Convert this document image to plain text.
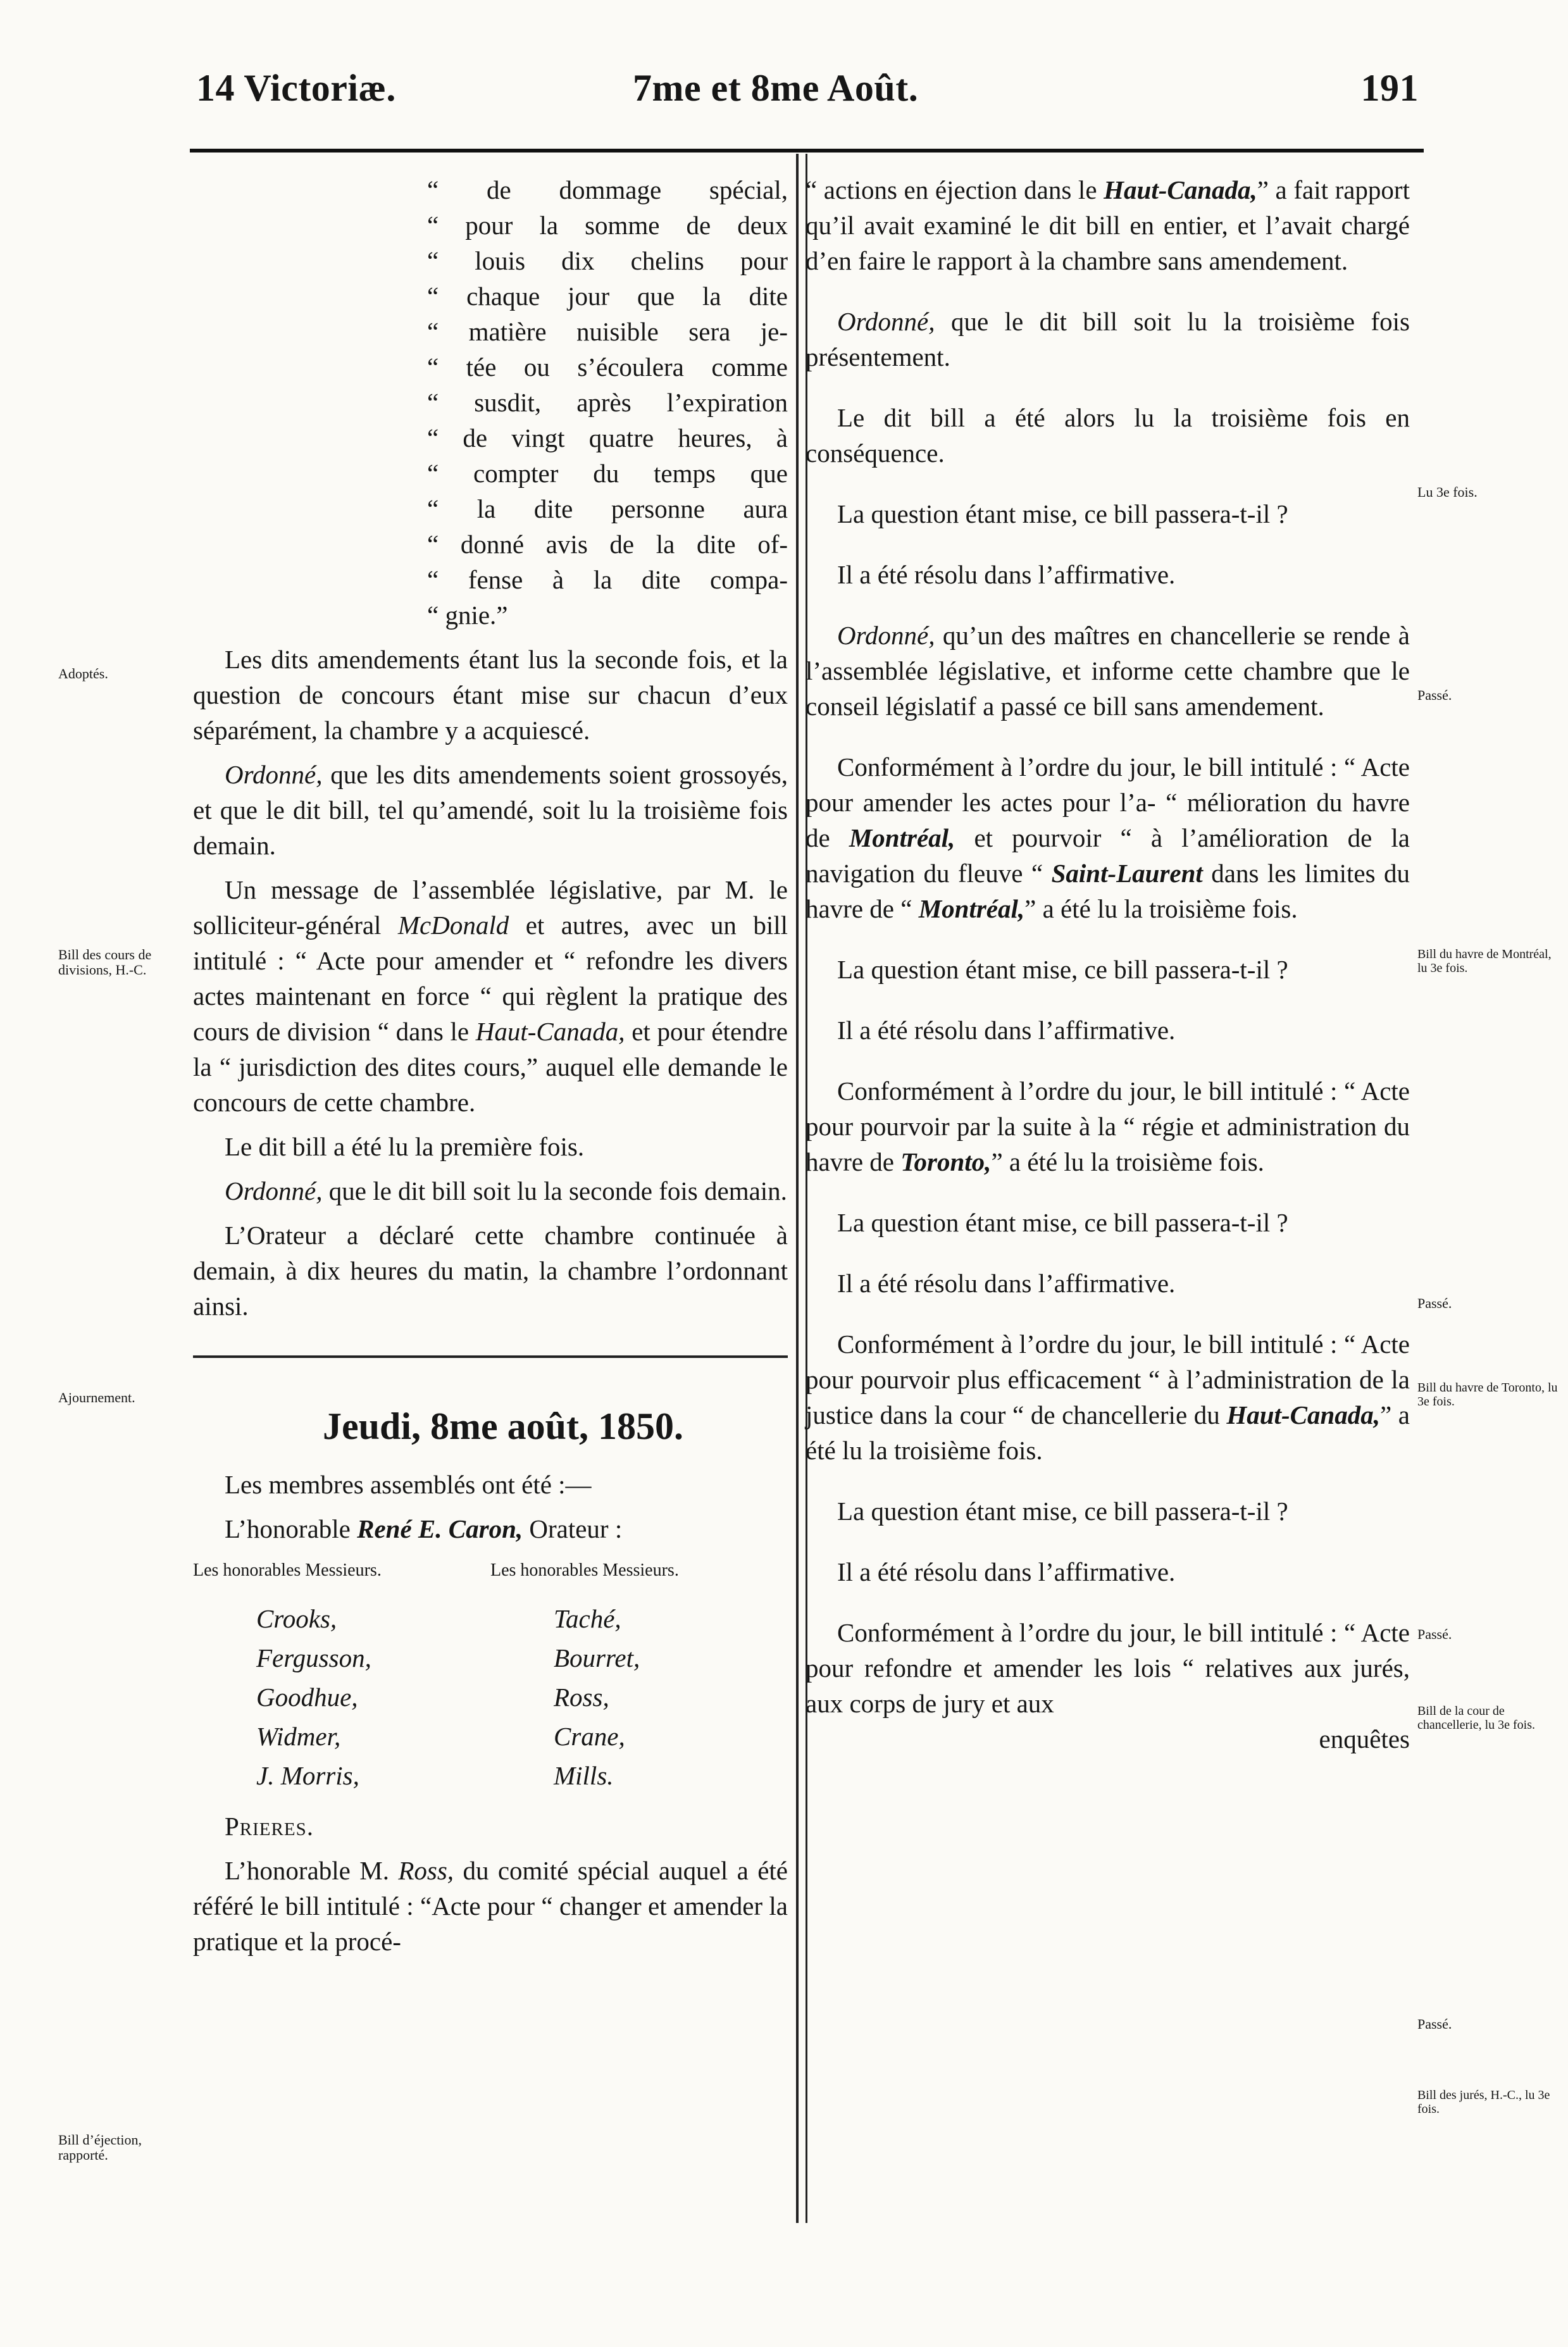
14 Victoriæ.	7me et 8me Août.	191

“ de dommage spécial,

“ pour la somme de deux

“ louis dix chelins pour

“ chaque jour que la dite

“ matière nuisible sera je-

“ tée ou s’écoulera comme

“ susdit, après l’expiration

“ de vingt quatre heures, à

“ compter du temps que

“ la dite personne aura

“ donné avis de la dite of-

“ fense à la dite compa-

“ gnie.”

Les dits amendements étant lus la seconde fois, et la question de concours étant mise sur chacun d’eux séparément, la chambre y a acquiescé.

Ordonné, que les dits amendements soient grossoyés, et que le dit bill, tel qu’amendé, soit lu la troisième fois demain.

Un message de l’assemblée législative, par M. le solliciteur-général McDonald et autres, avec un bill intitulé : “ Acte pour amender et “ refondre les divers actes maintenant en force “ qui règlent la pratique des cours de division “ dans le Haut-Canada, et pour étendre la “ jurisdiction des dites cours,” auquel elle demande le concours de cette chambre.

Le dit bill a été lu la première fois.

Ordonné, que le dit bill soit lu la seconde fois demain.

L’Orateur a déclaré cette chambre continuée à demain, à dix heures du matin, la chambre l’ordonnant ainsi.

Jeudi, 8me août, 1850.

Les membres assemblés ont été :—

L’honorable René E. Caron, Orateur :

Les honorables Messieurs.	Les honorables Messieurs.
Crooks,	Taché,
Fergusson,	Bourret,
Goodhue,	Ross,
Widmer,	Crane,
J. Morris,	Mills.

Prieres.

L’honorable M. Ross, du comité spécial auquel a été référé le bill intitulé : “Acte pour “ changer et amender la pratique et la procé-

“ actions en éjection dans le Haut-Canada,” a fait rapport qu’il avait examiné le dit bill en entier, et l’avait chargé d’en faire le rapport à la chambre sans amendement.

Ordonné, que le dit bill soit lu la troisième fois présentement.

Le dit bill a été alors lu la troisième fois en conséquence.

La question étant mise, ce bill passera-t-il ?

Il a été résolu dans l’affirmative.

Ordonné, qu’un des maîtres en chancellerie se rende à l’assemblée législative, et informe cette chambre que le conseil législatif a passé ce bill sans amendement.

Conformément à l’ordre du jour, le bill intitulé : “ Acte pour amender les actes pour l’a- “ mélioration du havre de Montréal, et pourvoir “ à l’amélioration de la navigation du fleuve “ Saint-Laurent dans les limites du havre de “ Montréal,” a été lu la troisième fois.

La question étant mise, ce bill passera-t-il ?

Il a été résolu dans l’affirmative.

Conformément à l’ordre du jour, le bill intitulé : “ Acte pour pourvoir par la suite à la “ régie et administration du havre de Toronto,” a été lu la troisième fois.

La question étant mise, ce bill passera-t-il ?

Il a été résolu dans l’affirmative.

Conformément à l’ordre du jour, le bill intitulé : “ Acte pour pourvoir plus efficacement “ à l’administration de la justice dans la cour “ de chancellerie du Haut-Canada,” a été lu la troisième fois.

La question étant mise, ce bill passera-t-il ?

Il a été résolu dans l’affirmative.

Conformément à l’ordre du jour, le bill intitulé : “ Acte pour refondre et amender les lois “ relatives aux jurés, aux corps de jury et aux

enquêtes

Adoptés.
Bill des cours de divisions, H.-C.
Ajournement.
Bill d’éjection, rapporté.
Lu 3e fois.
Passé.
Bill du havre de Montréal, lu 3e fois.
Passé.
Bill du havre de Toronto, lu 3e fois.
Passé.
Bill de la cour de chancellerie, lu 3e fois.
Passé.
Bill des jurés, H.-C., lu 3e fois.
